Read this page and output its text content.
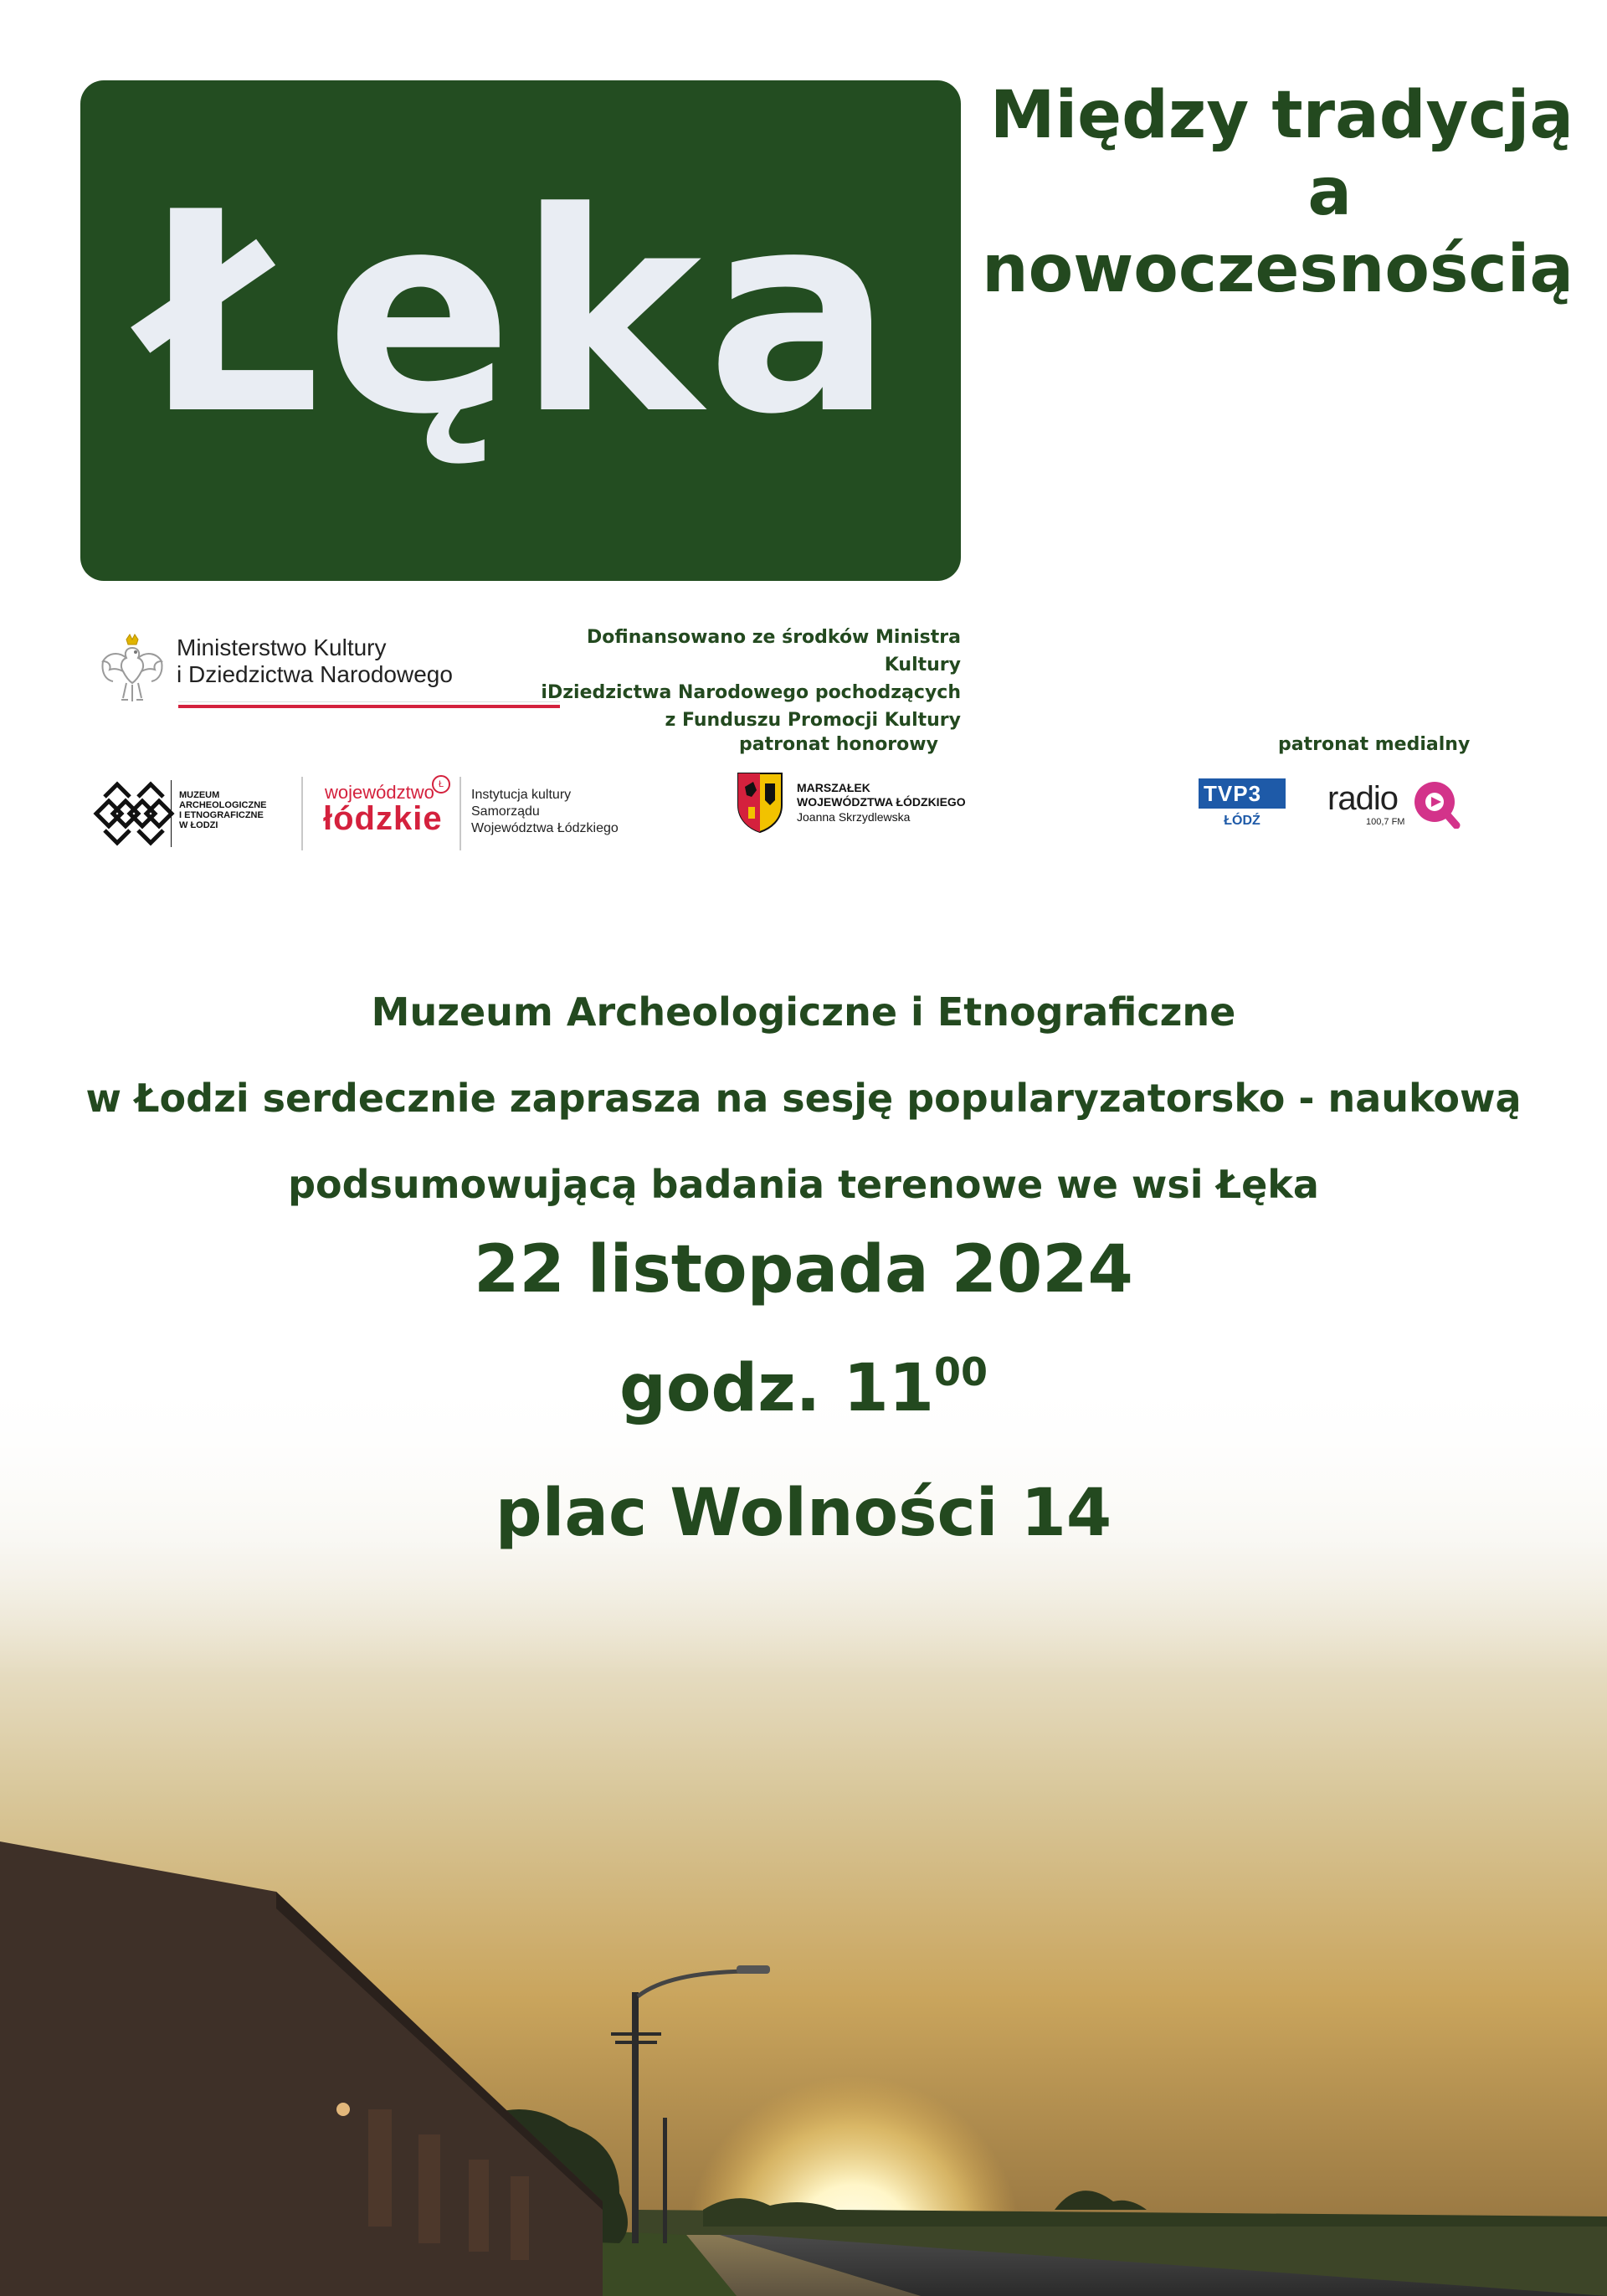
Łęka
Między tradycją
a
nowoczesnością
Ministerstwo Kultury
i Dziedzictwa Narodowego
Dofinansowano ze środków Ministra Kultury
iDziedzictwa Narodowego pochodzących
z Funduszu Promocji Kultury
patronat honorowy	patronat medialny
MUZEUM
ARCHEOLOGICZNE
I ETNOGRAFICZNE
W ŁODZI
województwo Ł
łódzkie
Instytucja kultury
Samorządu
Województwa Łódzkiego
MARSZAŁEK
WOJEWÓDZTWA ŁÓDZKIEGO
Joanna Skrzydlewska
TVP3
ŁÓDŹ
radio
100,7 FM
Muzeum Archeologiczne i Etnograficzne
w Łodzi serdecznie zaprasza na sesję popularyzatorsko - naukową
podsumowującą badania terenowe we wsi Łęka
22 listopada 2024
godz. $11^{00}$
plac Wolności 14
